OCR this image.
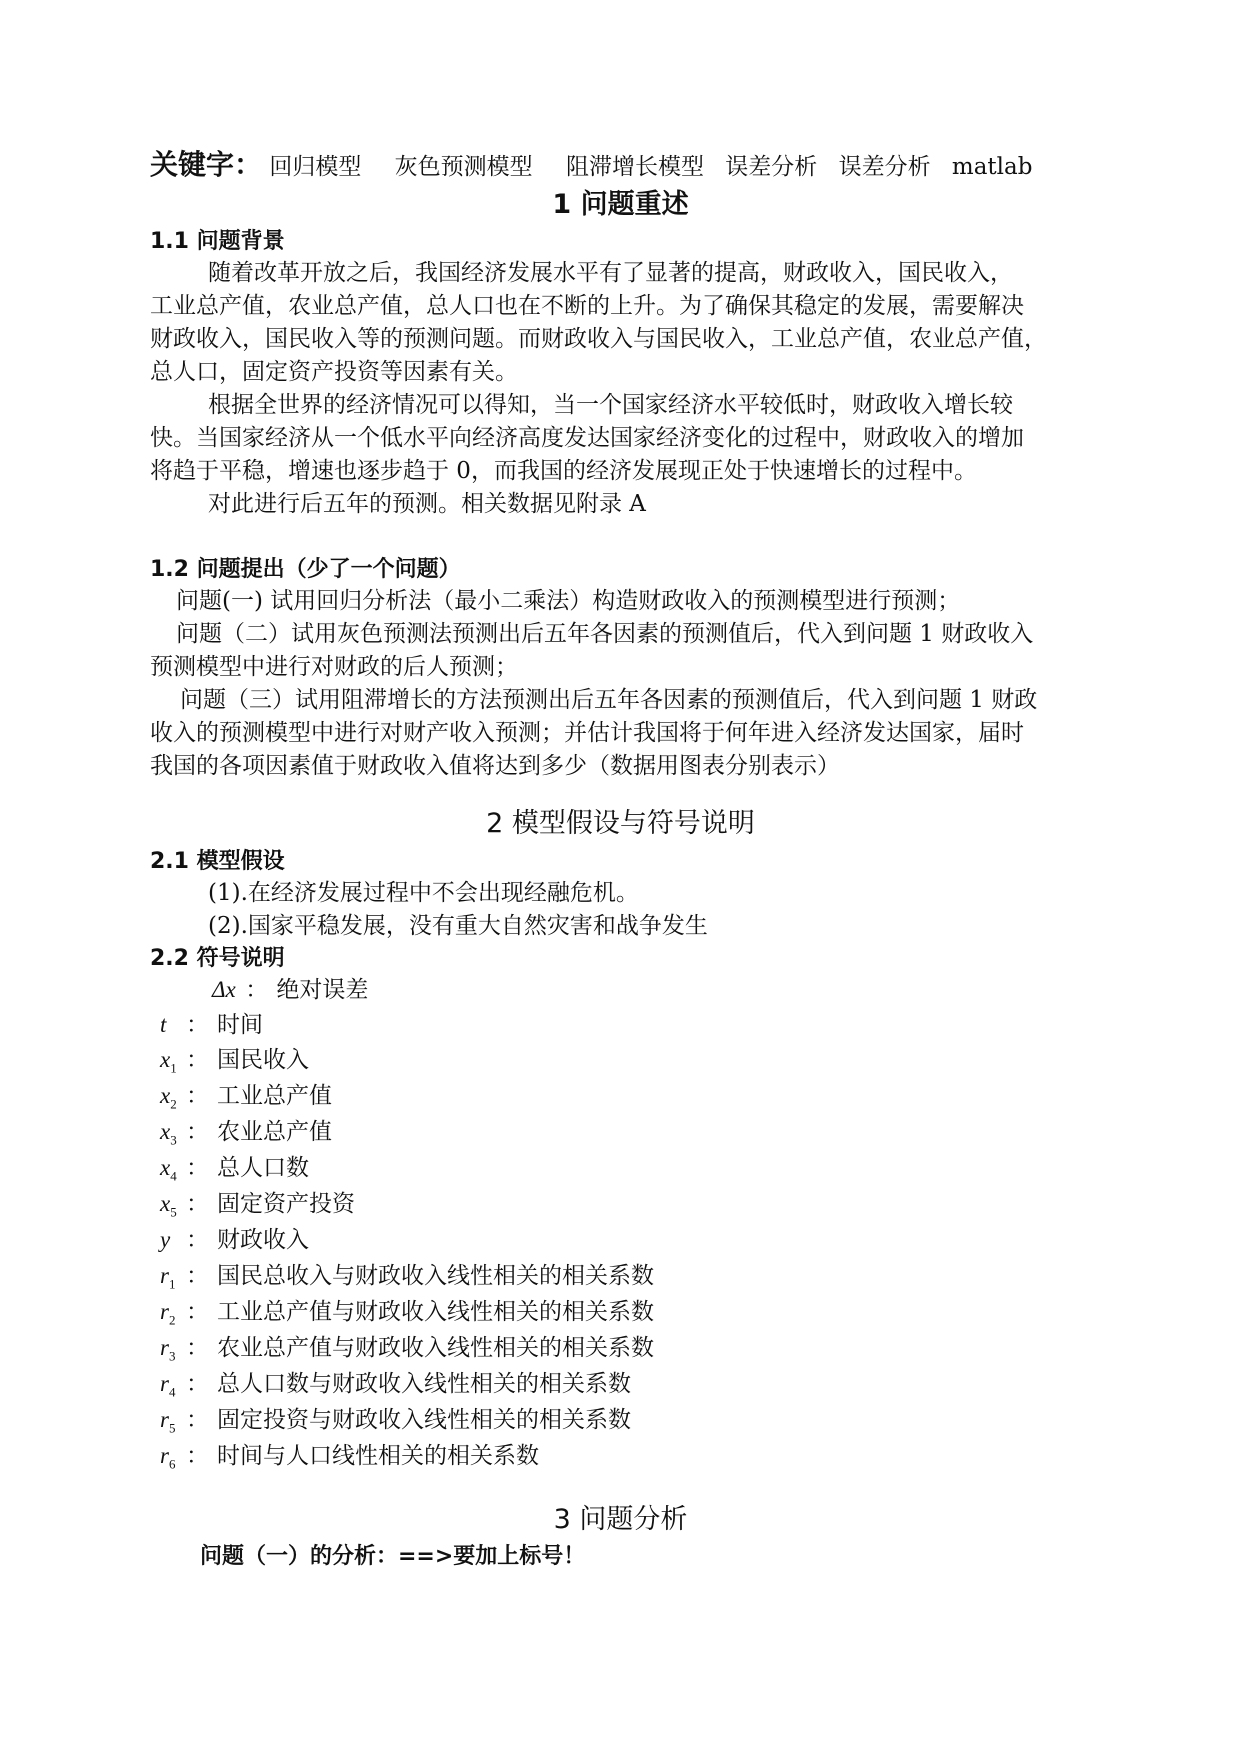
关键字： 回归模型 灰色预测模型 阻滞增长模型 误差分析 误差分析 matlab
1 问题重述
1.1 问题背景
随着改革开放之后，我国经济发展水平有了显著的提高，财政收入，国民收入，
工业总产值，农业总产值，总人口也在不断的上升。为了确保其稳定的发展，需要解决
财政收入，国民收入等的预测问题。而财政收入与国民收入，工业总产值，农业总产值，
总人口，固定资产投资等因素有关。
根据全世界的经济情况可以得知，当一个国家经济水平较低时，财政收入增长较
快。当国家经济从一个低水平向经济高度发达国家经济变化的过程中，财政收入的增加
将趋于平稳，增速也逐步趋于 0，而我国的经济发展现正处于快速增长的过程中。
对此进行后五年的预测。相关数据见附录 A
1.2 问题提出（少了一个问题）
问题(一) 试用回归分析法（最小二乘法）构造财政收入的预测模型进行预测；
问题（二）试用灰色预测法预测出后五年各因素的预测值后，代入到问题 1 财政收入
预测模型中进行对财政的后人预测；
问题（三）试用阻滞增长的方法预测出后五年各因素的预测值后，代入到问题 1 财政
收入的预测模型中进行对财产收入预测；并估计我国将于何年进入经济发达国家，届时
我国的各项因素值于财政收入值将达到多少（数据用图表分别表示）
2 模型假设与符号说明
2.1 模型假设
(1).在经济发展过程中不会出现经融危机。
(2).国家平稳发展，没有重大自然灾害和战争发生
2.2 符号说明
Δx ： 绝对误差
t ： 时间
$x_1$ ： 国民收入
$x_2$ ： 工业总产值
$x_3$ ： 农业总产值
$x_4$ ： 总人口数
$x_5$ ： 固定资产投资
y ： 财政收入
$r_1$ ： 国民总收入与财政收入线性相关的相关系数
$r_2$ ： 工业总产值与财政收入线性相关的相关系数
$r_3$ ： 农业总产值与财政收入线性相关的相关系数
$r_4$ ： 总人口数与财政收入线性相关的相关系数
$r_5$ ： 固定投资与财政收入线性相关的相关系数
$r_6$ ： 时间与人口线性相关的相关系数
3 问题分析
问题（一）的分析：==>要加上标号！
